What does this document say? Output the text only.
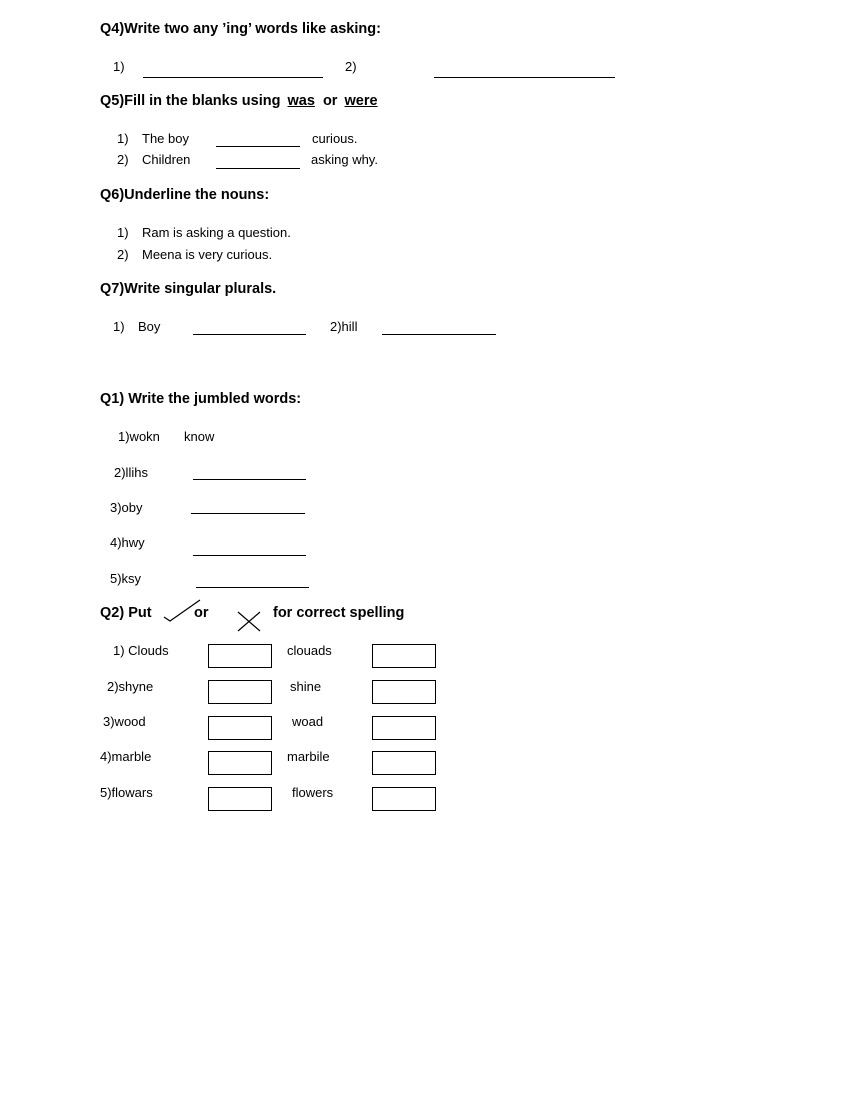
Q4)Write two any ’ing’ words like asking:
1)	2)
Q5)Fill in the blanks using was or were
1) The boy	curious.
2) Children	asking why.
Q6)Underline the nouns:
1) Ram is asking a question.
2) Meena is very curious.
Q7)Write singular plurals.
1) Boy	2)hill
Q1) Write the jumbled words:
1)wokn know
2)llihs
3)oby
4)hwy
5)ksy
Q2) Put	or	for correct spelling
1) Clouds	clouads
2)shyne	shine
3)wood	woad
4)marble	marbile
5)flowars	flowers
